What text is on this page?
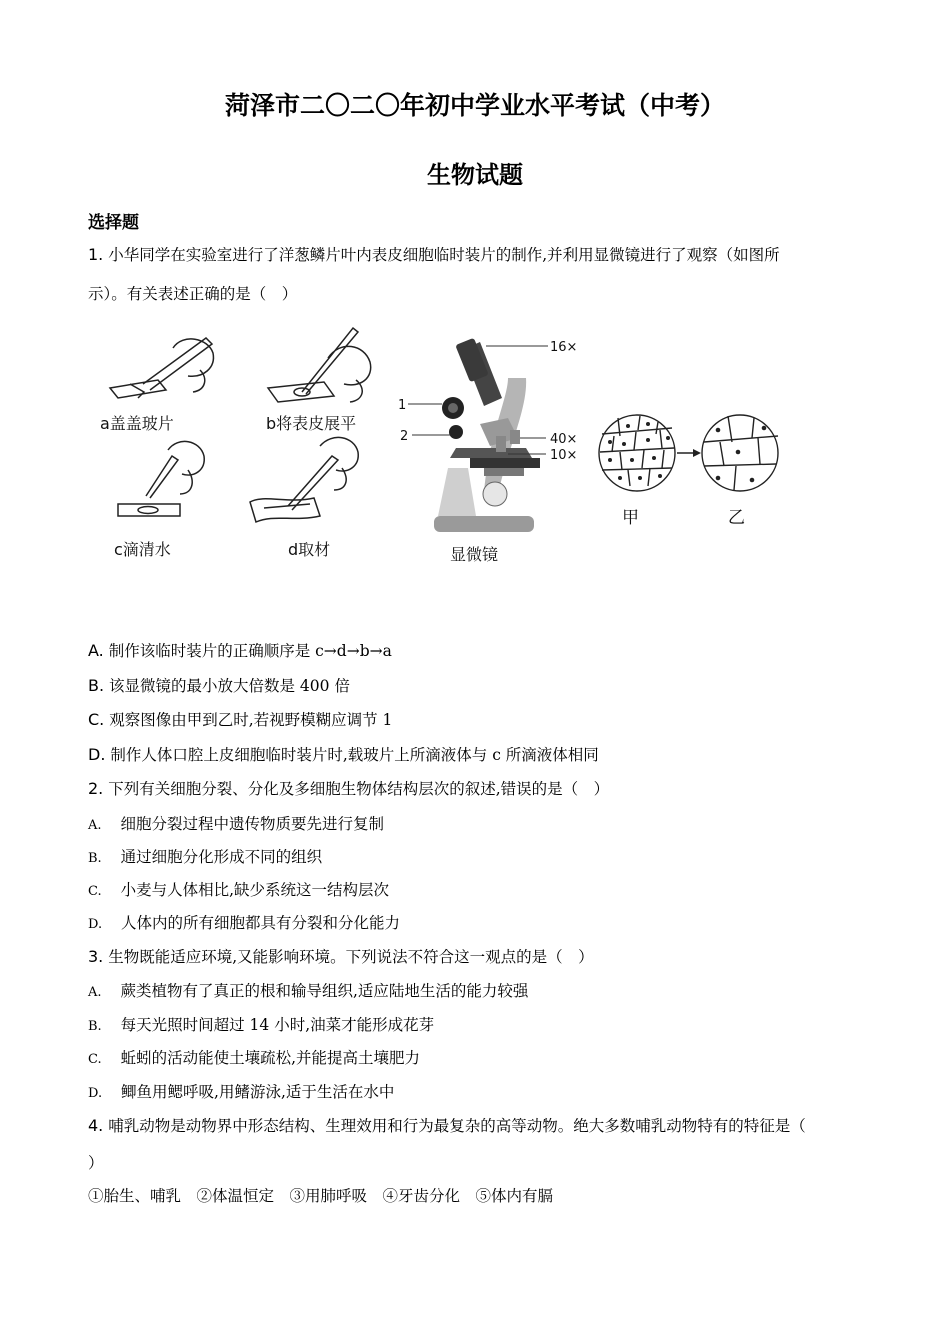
菏泽市二〇二〇年初中学业水平考试（中考）
生物试题
选择题
1. 小华同学在实验室进行了洋葱鳞片叶内表皮细胞临时装片的制作,并利用显微镜进行了观察（如图所
示）。有关表述正确的是（　）
a盖盖玻片	b将表皮展平
c滴清水	d取材
16×
1
2	40×
10×
显微镜
甲	乙
A. 制作该临时装片的正确顺序是 c→d→b→a
B. 该显微镜的最小放大倍数是 400 倍
C. 观察图像由甲到乙时,若视野模糊应调节 1
D. 制作人体口腔上皮细胞临时装片时,载玻片上所滴液体与 c 所滴液体相同
2. 下列有关细胞分裂、分化及多细胞生物体结构层次的叙述,错误的是（　）
A. 细胞分裂过程中遗传物质要先进行复制
B. 通过细胞分化形成不同的组织
C. 小麦与人体相比,缺少系统这一结构层次
D. 人体内的所有细胞都具有分裂和分化能力
3. 生物既能适应环境,又能影响环境。下列说法不符合这一观点的是（　）
A. 蕨类植物有了真正的根和输导组织,适应陆地生活的能力较强
B. 每天光照时间超过 14 小时,油菜才能形成花芽
C. 蚯蚓的活动能使土壤疏松,并能提高土壤肥力
D. 鲫鱼用鳃呼吸,用鳍游泳,适于生活在水中
4. 哺乳动物是动物界中形态结构、生理效用和行为最复杂的高等动物。绝大多数哺乳动物特有的特征是（
）
①胎生、哺乳　②体温恒定　③用肺呼吸　④牙齿分化　⑤体内有膈
